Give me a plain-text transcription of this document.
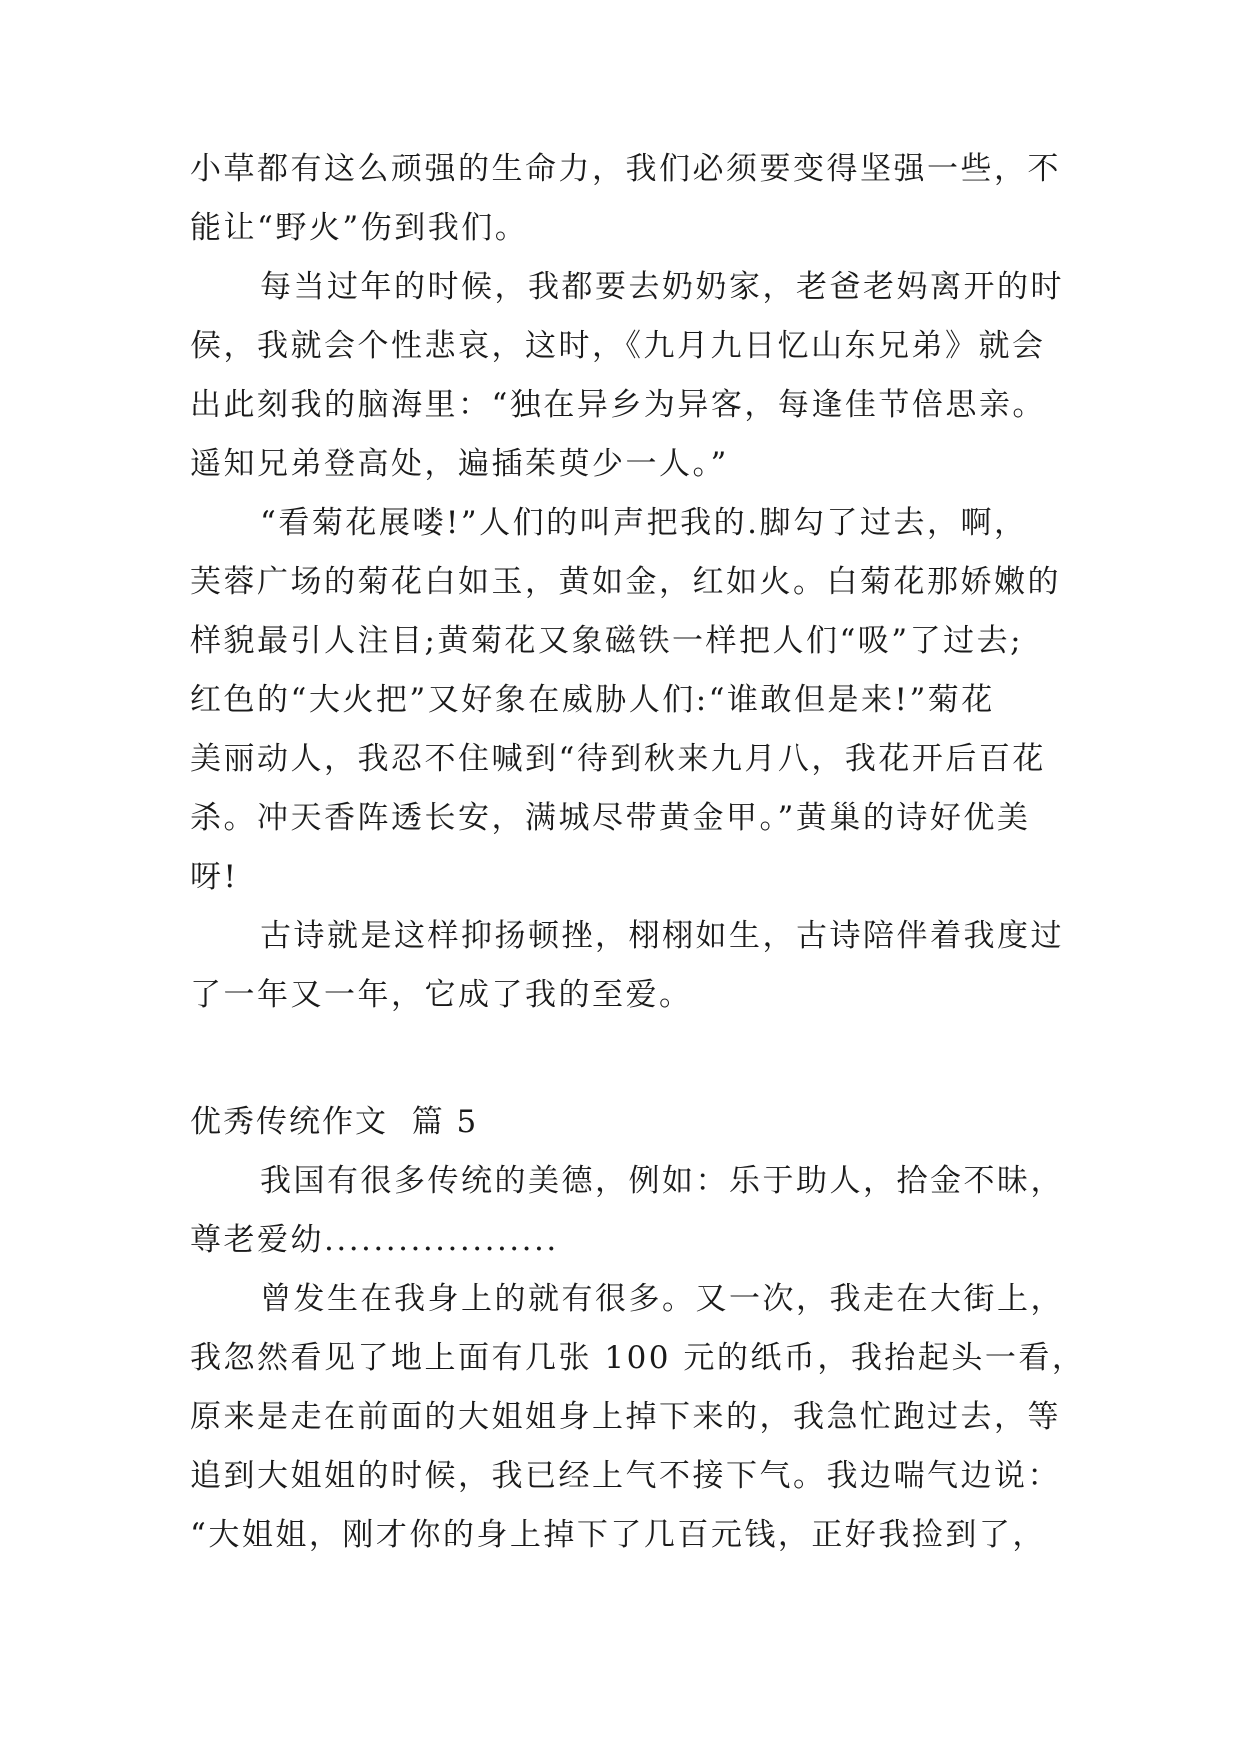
小草都有这么顽强的生命力，我们必须要变得坚强一些，不
能让“野火”伤到我们。
每当过年的时候，我都要去奶奶家，老爸老妈离开的时
侯，我就会个性悲哀，这时，《九月九日忆山东兄弟》就会
出此刻我的脑海里：“独在异乡为异客，每逢佳节倍思亲。
遥知兄弟登高处，遍插茱萸少一人。”
“看菊花展喽!”人们的叫声把我的.脚勾了过去，啊，
芙蓉广场的菊花白如玉，黄如金，红如火。白菊花那娇嫩的
样貌最引人注目;黄菊花又象磁铁一样把人们“吸”了过去;
红色的“大火把”又好象在威胁人们:“谁敢但是来!”菊花
美丽动人，我忍不住喊到“待到秋来九月八，我花开后百花
杀。冲天香阵透长安，满城尽带黄金甲。”黄巢的诗好优美
呀!
古诗就是这样抑扬顿挫，栩栩如生，古诗陪伴着我度过
了一年又一年，它成了我的至爱。
优秀传统作文  篇 5
我国有很多传统的美德，例如：乐于助人，拾金不昧，
尊老爱幼...................
曾发生在我身上的就有很多。又一次，我走在大街上，
我忽然看见了地上面有几张 100 元的纸币，我抬起头一看，
原来是走在前面的大姐姐身上掉下来的，我急忙跑过去，等
追到大姐姐的时候，我已经上气不接下气。我边喘气边说：
“大姐姐，刚才你的身上掉下了几百元钱，正好我捡到了，
